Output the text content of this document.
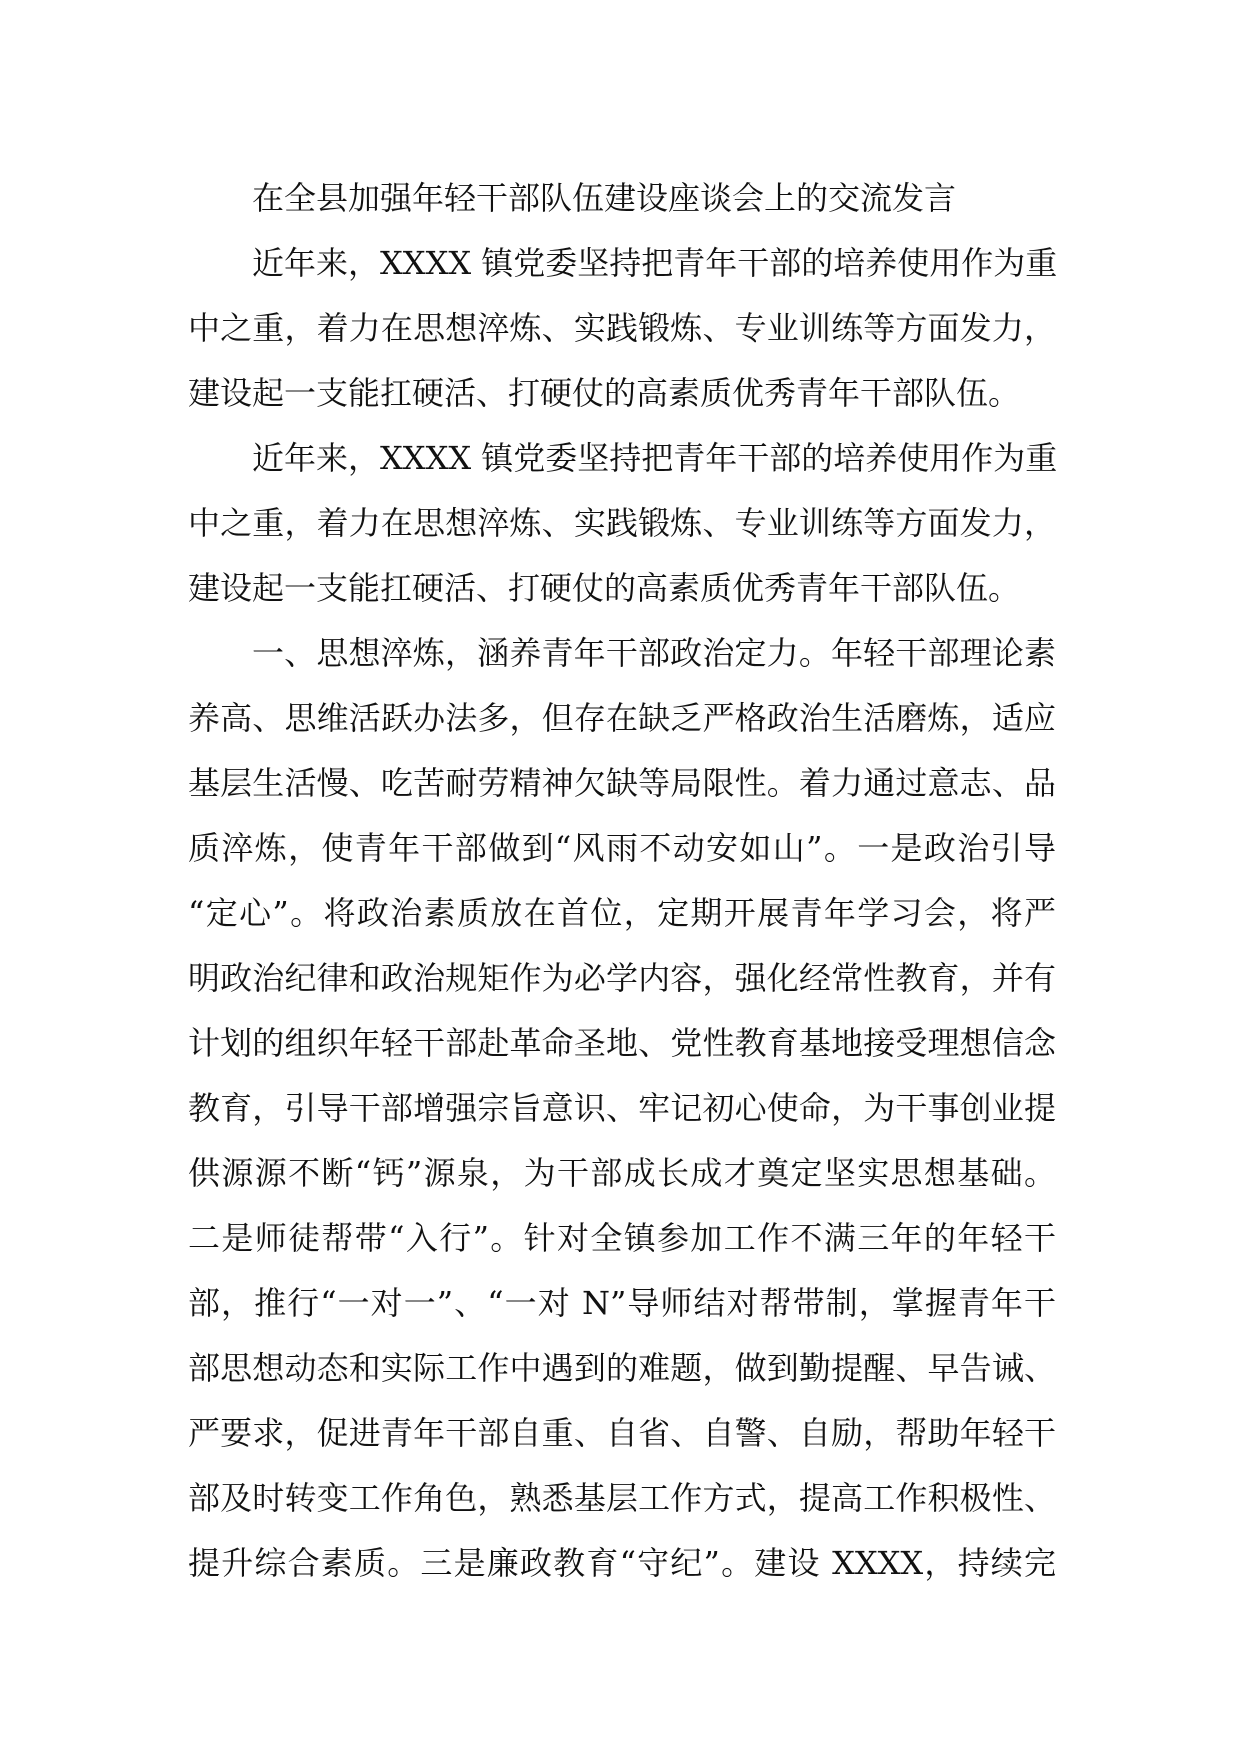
在全县加强年轻干部队伍建设座谈会上的交流发言
近年来，XXXX 镇党委坚持把青年干部的培养使用作为重
中之重，着力在思想淬炼、实践锻炼、专业训练等方面发力，
建设起一支能扛硬活、打硬仗的高素质优秀青年干部队伍。
近年来，XXXX 镇党委坚持把青年干部的培养使用作为重
中之重，着力在思想淬炼、实践锻炼、专业训练等方面发力，
建设起一支能扛硬活、打硬仗的高素质优秀青年干部队伍。
一、思想淬炼，涵养青年干部政治定力。年轻干部理论素
养高、思维活跃办法多，但存在缺乏严格政治生活磨炼，适应
基层生活慢、吃苦耐劳精神欠缺等局限性。着力通过意志、品
质淬炼，使青年干部做到“风雨不动安如山”。一是政治引导
“定心”。将政治素质放在首位，定期开展青年学习会，将严
明政治纪律和政治规矩作为必学内容，强化经常性教育，并有
计划的组织年轻干部赴革命圣地、党性教育基地接受理想信念
教育，引导干部增强宗旨意识、牢记初心使命，为干事创业提
供源源不断“钙”源泉，为干部成长成才奠定坚实思想基础。
二是师徒帮带“入行”。针对全镇参加工作不满三年的年轻干
部，推行“一对一”、“一对 N”导师结对帮带制，掌握青年干
部思想动态和实际工作中遇到的难题，做到勤提醒、早告诫、
严要求，促进青年干部自重、自省、自警、自励，帮助年轻干
部及时转变工作角色，熟悉基层工作方式，提高工作积极性、
提升综合素质。三是廉政教育“守纪”。建设 XXXX，持续完
